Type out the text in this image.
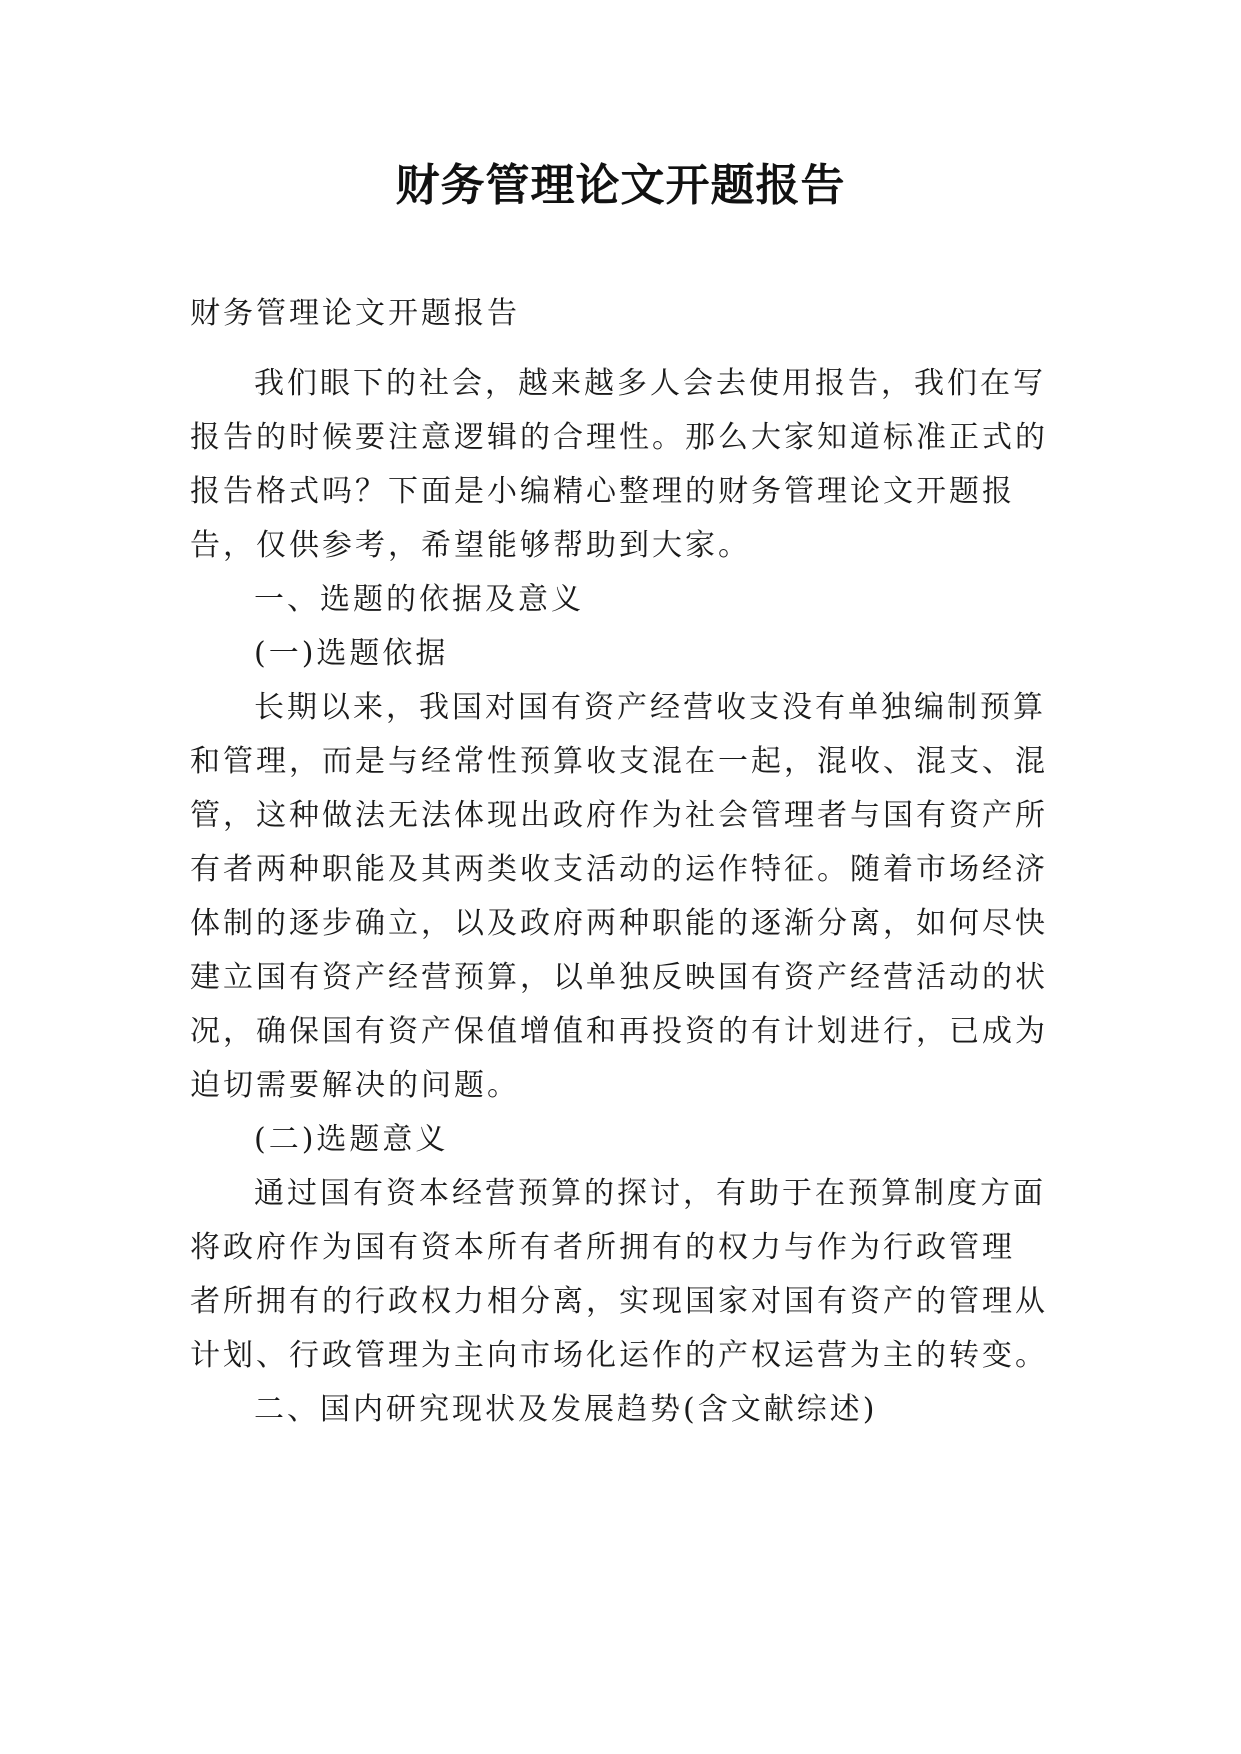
财务管理论文开题报告
财务管理论文开题报告
我们眼下的社会，越来越多人会去使用报告，我们在写
报告的时候要注意逻辑的合理性。那么大家知道标准正式的
报告格式吗？下面是小编精心整理的财务管理论文开题报
告，仅供参考，希望能够帮助到大家。
一、选题的依据及意义
(一)选题依据
长期以来，我国对国有资产经营收支没有单独编制预算
和管理，而是与经常性预算收支混在一起，混收、混支、混
管，这种做法无法体现出政府作为社会管理者与国有资产所
有者两种职能及其两类收支活动的运作特征。随着市场经济
体制的逐步确立，以及政府两种职能的逐渐分离，如何尽快
建立国有资产经营预算，以单独反映国有资产经营活动的状
况，确保国有资产保值增值和再投资的有计划进行，已成为
迫切需要解决的问题。
(二)选题意义
通过国有资本经营预算的探讨，有助于在预算制度方面
将政府作为国有资本所有者所拥有的权力与作为行政管理
者所拥有的行政权力相分离，实现国家对国有资产的管理从
计划、行政管理为主向市场化运作的产权运营为主的转变。
二、国内研究现状及发展趋势(含文献综述)
